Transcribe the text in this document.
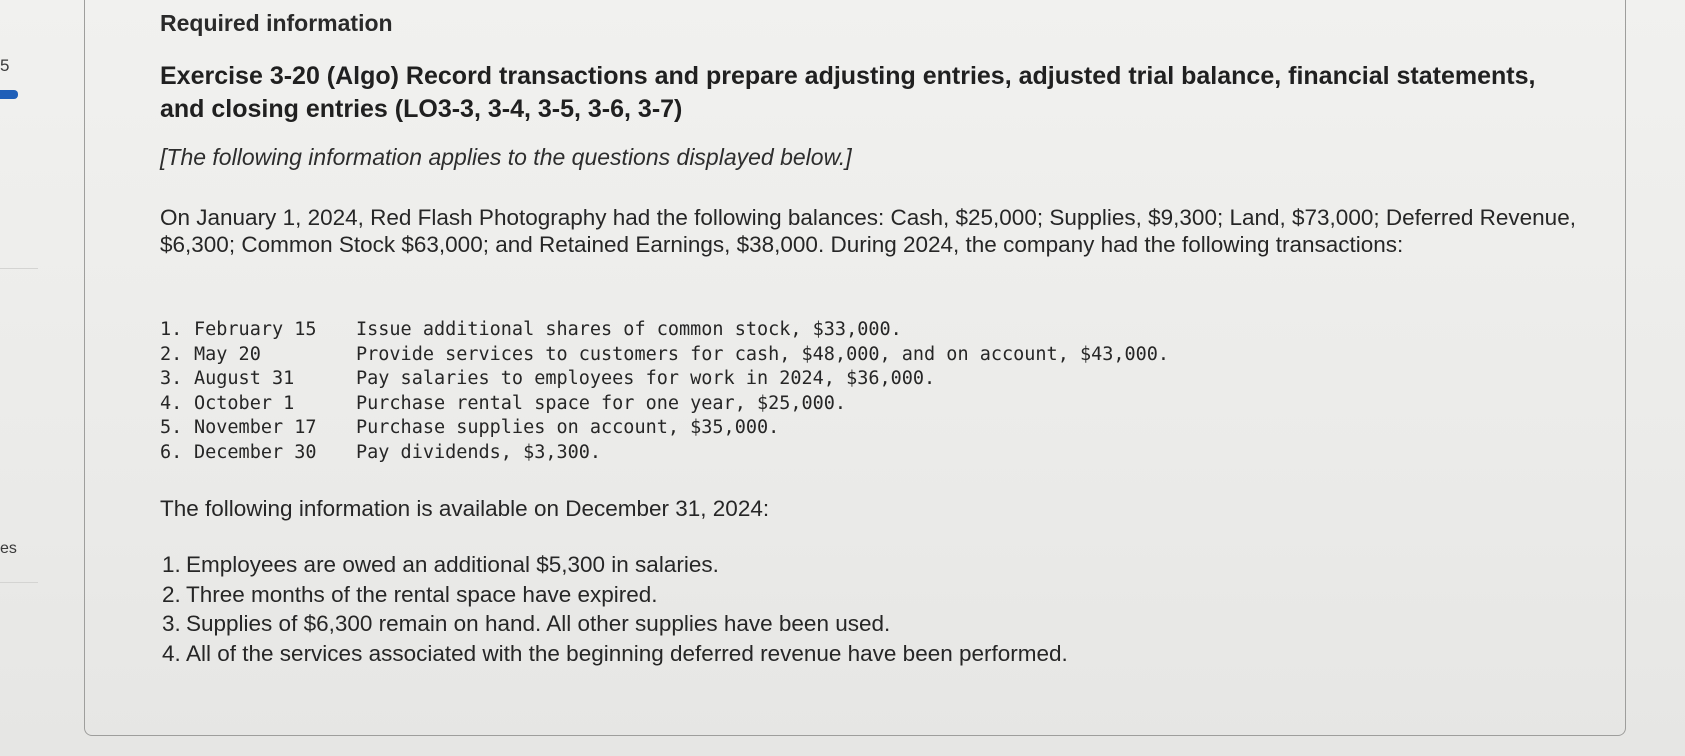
5
es
Required information
Exercise 3-20 (Algo) Record transactions and prepare adjusting entries, adjusted trial balance, financial statements, and closing entries (LO3-3, 3-4, 3-5, 3-6, 3-7)
[The following information applies to the questions displayed below.]
On January 1, 2024, Red Flash Photography had the following balances: Cash, $25,000; Supplies, $9,300; Land, $73,000; Deferred Revenue, $6,300; Common Stock $63,000; and Retained Earnings, $38,000. During 2024, the company had the following transactions:
1. February 15	Issue additional shares of common stock, $33,000.
2. May 20	Provide services to customers for cash, $48,000, and on account, $43,000.
3. August 31	Pay salaries to employees for work in 2024, $36,000.
4. October 1	Purchase rental space for one year, $25,000.
5. November 17	Purchase supplies on account, $35,000.
6. December 30	Pay dividends, $3,300.
The following information is available on December 31, 2024:
1. Employees are owed an additional $5,300 in salaries.
2. Three months of the rental space have expired.
3. Supplies of $6,300 remain on hand. All other supplies have been used.
4. All of the services associated with the beginning deferred revenue have been performed.
